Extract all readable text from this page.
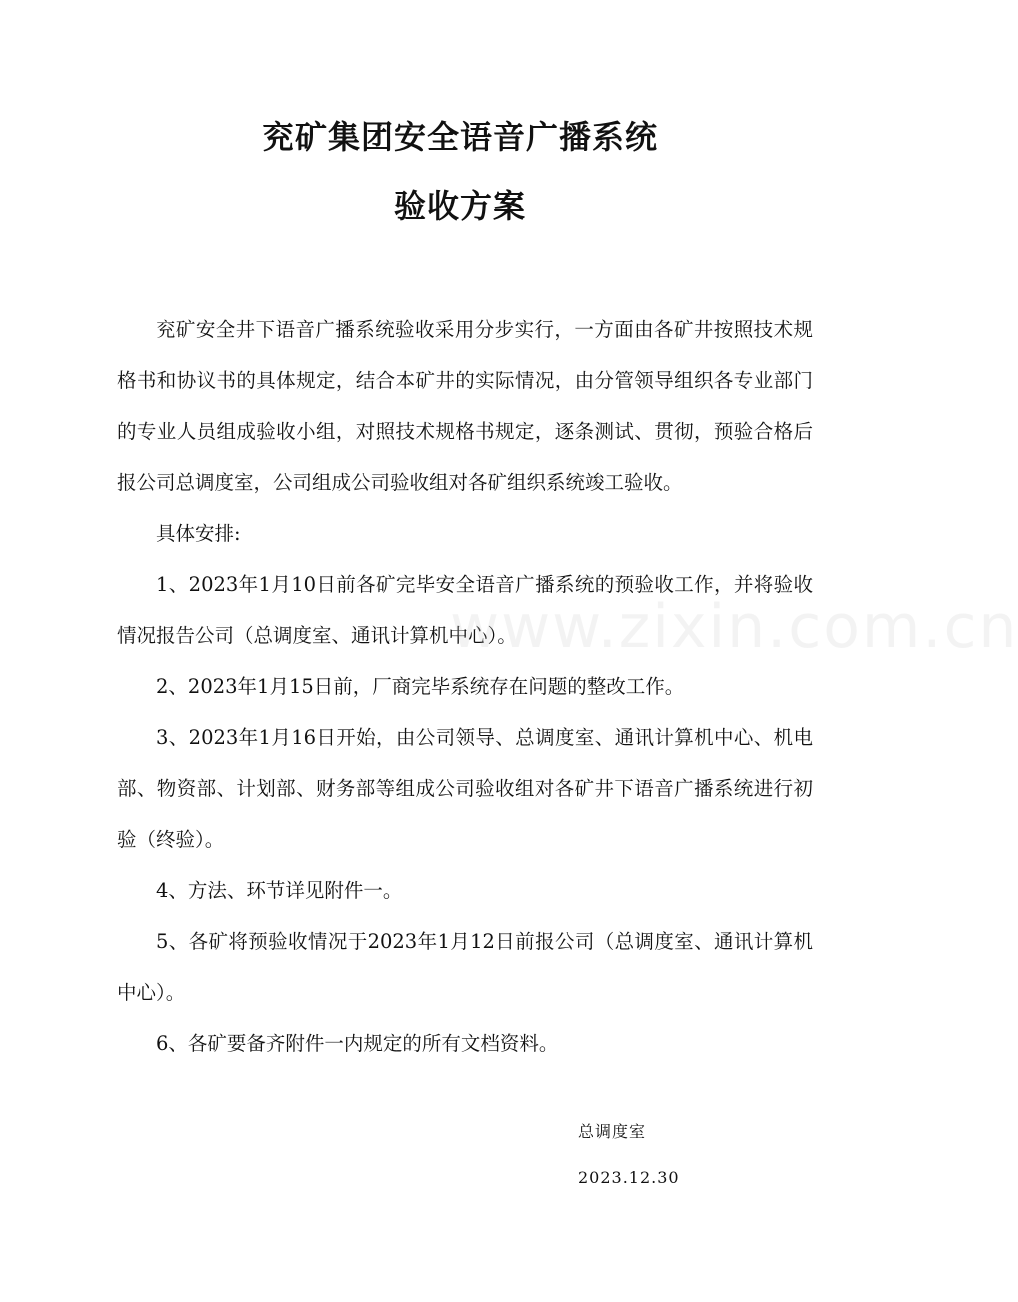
兖矿集团安全语音广播系统
验收方案

兖矿安全井下语音广播系统验收采用分步实行，一方面由各矿井按照技术规格书和协议书的具体规定，结合本矿井的实际情况，由分管领导组织各专业部门的专业人员组成验收小组，对照技术规格书规定，逐条测试、贯彻，预验合格后报公司总调度室，公司组成公司验收组对各矿组织系统竣工验收。

具体安排:

1、2023年1月10日前各矿完毕安全语音广播系统的预验收工作，并将验收情况报告公司（总调度室、通讯计算机中心）。

2、2023年1月15日前，厂商完毕系统存在问题的整改工作。

3、2023年1月16日开始，由公司领导、总调度室、通讯计算机中心、机电部、物资部、计划部、财务部等组成公司验收组对各矿井下语音广播系统进行初验（终验）。

4、方法、环节详见附件一。

5、各矿将预验收情况于2023年1月12日前报公司（总调度室、通讯计算机中心）。

6、各矿要备齐附件一内规定的所有文档资料。

总调度室
2023.12.30
www.zixin.com.cn
